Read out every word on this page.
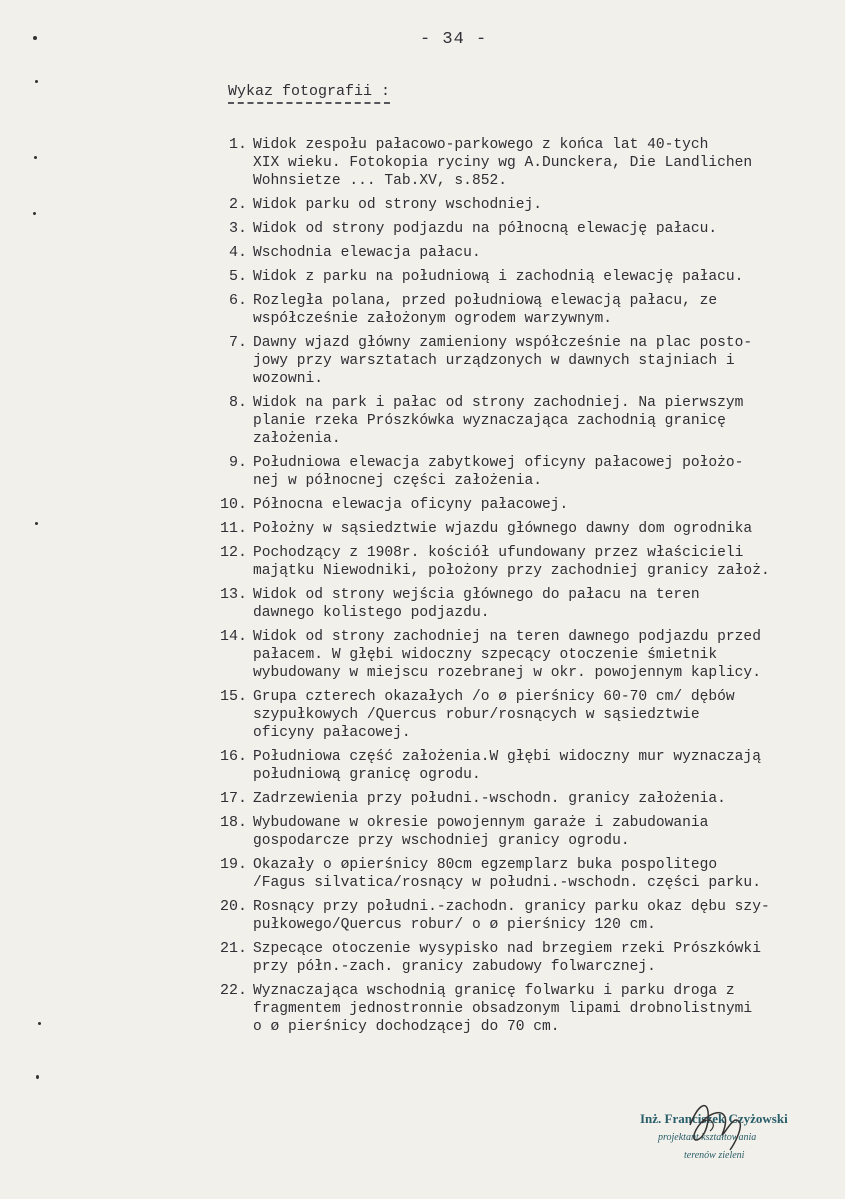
- 34 -
Wykaz fotografii :
1. Widok zespołu pałacowo-parkowego z końca lat 40-tych
XIX wieku. Fotokopia ryciny wg A.Dunckera, Die Landlichen
Wohnsietze ... Tab.XV, s.852.
2. Widok parku od strony wschodniej.
3. Widok od strony podjazdu na północną elewację pałacu.
4. Wschodnia elewacja pałacu.
5. Widok z parku na południową i zachodnią elewację pałacu.
6. Rozległa polana, przed południową elewacją pałacu, ze
współcześnie założonym ogrodem warzywnym.
7. Dawny wjazd główny zamieniony współcześnie na plac posto-
jowy przy warsztatach urządzonych w dawnych stajniach i
wozowni.
8. Widok na park i pałac od strony zachodniej. Na pierwszym
planie rzeka Prószkówka wyznaczająca zachodnią granicę
założenia.
9. Południowa elewacja zabytkowej oficyny pałacowej położo-
nej w północnej części założenia.
10. Północna elewacja oficyny pałacowej.
11. Położny w sąsiedztwie wjazdu głównego dawny dom ogrodnika
12. Pochodzący z 1908r. kościół ufundowany przez właścicieli
majątku Niewodniki, położony przy zachodniej granicy założ.
13. Widok od strony wejścia głównego do pałacu na teren
dawnego kolistego podjazdu.
14. Widok od strony zachodniej na teren dawnego podjazdu przed
pałacem. W głębi widoczny szpecący otoczenie śmietnik
wybudowany w miejscu rozebranej w okr. powojennym kaplicy.
15. Grupa czterech okazałych /o ø pierśnicy 60-70 cm/ dębów
szypułkowych /Quercus robur/rosnących w sąsiedztwie
oficyny pałacowej.
16. Południowa część założenia.W głębi widoczny mur wyznaczają
południową granicę ogrodu.
17. Zadrzewienia przy południ.-wschodn. granicy założenia.
18. Wybudowane w okresie powojennym garaże i zabudowania
gospodarcze przy wschodniej granicy ogrodu.
19. Okazały o øpierśnicy 80cm egzemplarz buka pospolitego
/Fagus silvatica/rosnący w południ.-wschodn. części parku.
20. Rosnący przy południ.-zachodn. granicy parku okaz dębu szy-
pułkowego/Quercus robur/ o ø pierśnicy 120 cm.
21. Szpecące otoczenie wysypisko nad brzegiem rzeki Prószkówki
przy półn.-zach. granicy zabudowy folwarcznej.
22. Wyznaczająca wschodnią granicę folwarku i parku droga z
fragmentem jednostronnie obsadzonym lipami drobnolistnymi
o ø pierśnicy dochodzącej do 70 cm.
Inż. Franciszek Czyżowski
projektant kształtowania
terenów zieleni
